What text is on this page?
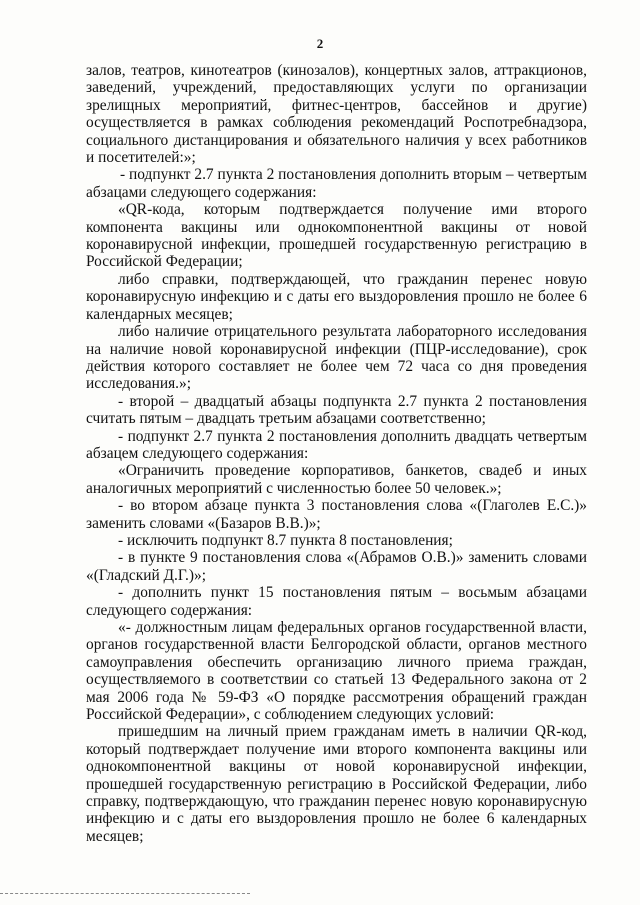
2

залов, театров, кинотеатров (кинозалов), концертных залов, аттракционов, заведений, учреждений, предоставляющих услуги по организации зрелищных мероприятий, фитнес-центров, бассейнов и другие) осуществляется в рамках соблюдения рекомендаций Роспотребнадзора, социального дистанцирования и обязательного наличия у всех работников и посетителей:»;

- подпункт 2.7 пункта 2 постановления дополнить вторым – четвертым абзацами следующего содержания:

«QR-кода, которым подтверждается получение ими второго компонента вакцины или однокомпонентной вакцины от новой коронавирусной инфекции, прошедшей государственную регистрацию в Российской Федерации;

либо справки, подтверждающей, что гражданин перенес новую коронавирусную инфекцию и с даты его выздоровления прошло не более 6 календарных месяцев;

либо наличие отрицательного результата лабораторного исследования на наличие новой коронавирусной инфекции (ПЦР-исследование), срок действия которого составляет не более чем 72 часа со дня проведения исследования.»;

- второй – двадцатый абзацы подпункта 2.7 пункта 2 постановления считать пятым – двадцать третьим абзацами соответственно;

- подпункт 2.7 пункта 2 постановления дополнить двадцать четвертым абзацем следующего содержания:

«Ограничить проведение корпоративов, банкетов, свадеб и иных аналогичных мероприятий с численностью более 50 человек.»;

- во втором абзаце пункта 3 постановления слова «(Глаголев Е.С.)» заменить словами «(Базаров В.В.)»;

- исключить подпункт 8.7 пункта 8 постановления;

- в пункте 9 постановления слова «(Абрамов О.В.)» заменить словами «(Гладский Д.Г.)»;

- дополнить пункт 15 постановления пятым – восьмым абзацами следующего содержания:

«- должностным лицам федеральных органов государственной власти, органов государственной власти Белгородской области, органов местного самоуправления обеспечить организацию личного приема граждан, осуществляемого в соответствии со статьей 13 Федерального закона от 2 мая 2006 года № 59-ФЗ «О порядке рассмотрения обращений граждан Российской Федерации», с соблюдением следующих условий:

пришедшим на личный прием гражданам иметь в наличии QR-код, который подтверждает получение ими второго компонента вакцины или однокомпонентной вакцины от новой коронавирусной инфекции, прошедшей государственную регистрацию в Российской Федерации, либо справку, подтверждающую, что гражданин перенес новую коронавирусную инфекцию и с даты его выздоровления прошло не более 6 календарных месяцев;
